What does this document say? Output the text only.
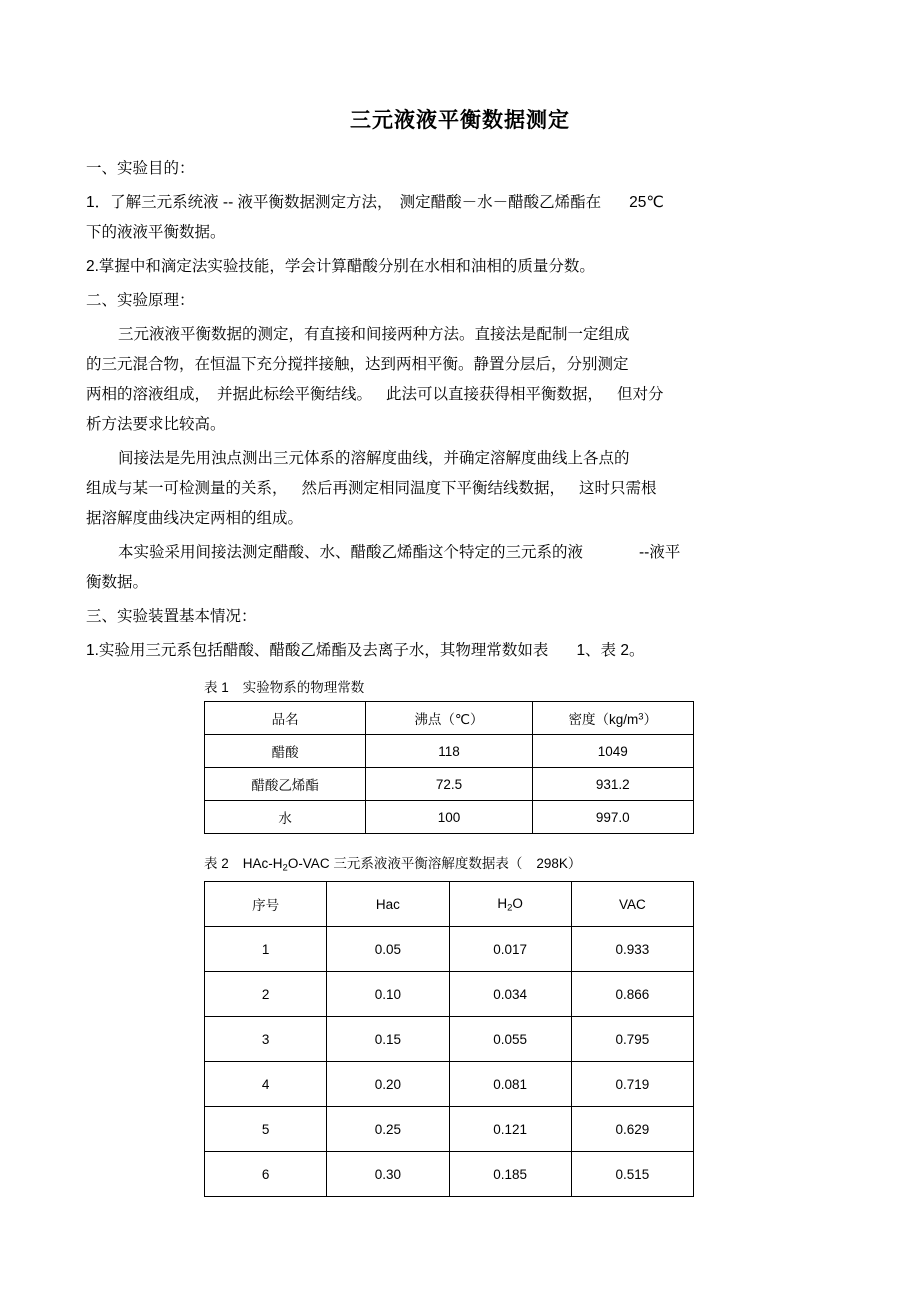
三元液液平衡数据测定

一、实验目的：

1．了解三元系统液 -- 液平衡数据测定方法， 测定醋酸－水－醋酸乙烯酯在 25℃

下的液液平衡数据。

2.掌握中和滴定法实验技能，学会计算醋酸分别在水相和油相的质量分数。

二、实验原理：

三元液液平衡数据的测定，有直接和间接两种方法。直接法是配制一定组成

的三元混合物，在恒温下充分搅拌接触，达到两相平衡。静置分层后，分别测定

两相的溶液组成， 并据此标绘平衡结线。 此法可以直接获得相平衡数据， 但对分

析方法要求比较高。

间接法是先用浊点测出三元体系的溶解度曲线，并确定溶解度曲线上各点的

组成与某一可检测量的关系， 然后再测定相同温度下平衡结线数据， 这时只需根

据溶解度曲线决定两相的组成。

本实验采用间接法测定醋酸、水、醋酸乙烯酯这个特定的三元系的液	--液平

衡数据。

三、实验装置基本情况：

1.实验用三元系包括醋酸、醋酸乙烯酯及去离子水，其物理常数如表 1、表 2。

表 1 实验物系的物理常数
品名	沸点（℃）	密度$(kg/m^3)$
醋酸	118	1049
醋酸乙烯酯	72.5	931.2
水	100	997.0
表 2 HAc-$H_2O$-VAC 三元系液液平衡溶解度数据表（ 298K）
序号	Hac	$H_2O$	VAC
1	0.05	0.017	0.933
2	0.10	0.034	0.866
3	0.15	0.055	0.795
4	0.20	0.081	0.719
5	0.25	0.121	0.629
6	0.30	0.185	0.515
